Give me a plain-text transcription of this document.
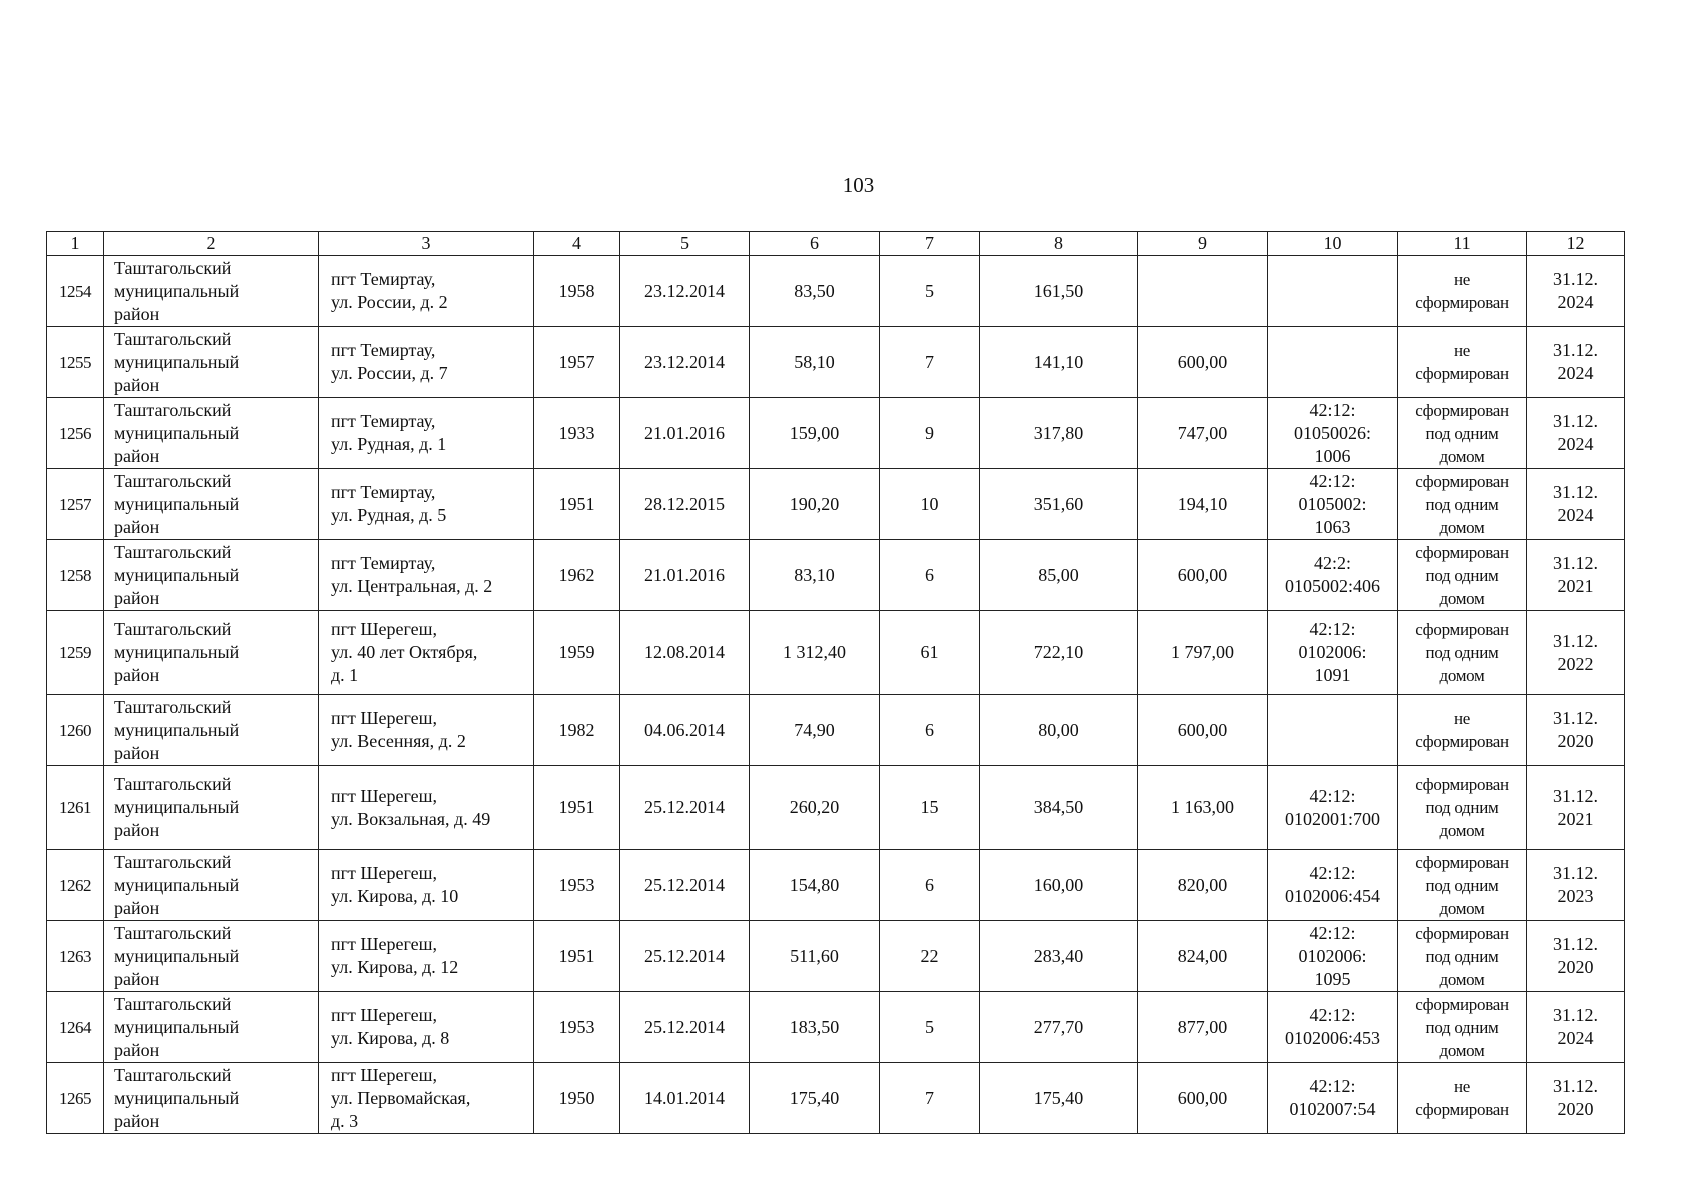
103
1	2	3	4	5	6	7	8	9	10	11	12
1254	Таштагольский
муниципальный
район	пгт Темиртау,
ул. России, д. 2	1958	23.12.2014	83,50	5	161,50			не
сформирован	31.12.
2024
1255	Таштагольский
муниципальный
район	пгт Темиртау,
ул. России, д. 7	1957	23.12.2014	58,10	7	141,10	600,00		не
сформирован	31.12.
2024
1256	Таштагольский
муниципальный
район	пгт Темиртау,
ул. Рудная, д. 1	1933	21.01.2016	159,00	9	317,80	747,00	42:12:
01050026:
1006	сформирован
под одним
домом	31.12.
2024
1257	Таштагольский
муниципальный
район	пгт Темиртау,
ул. Рудная, д. 5	1951	28.12.2015	190,20	10	351,60	194,10	42:12:
0105002:
1063	сформирован
под одним
домом	31.12.
2024
1258	Таштагольский
муниципальный
район	пгт Темиртау,
ул. Центральная, д. 2	1962	21.01.2016	83,10	6	85,00	600,00	42:2:
0105002:406	сформирован
под одним
домом	31.12.
2021
1259	Таштагольский
муниципальный
район	пгт Шерегеш,
ул. 40 лет Октября,
д. 1	1959	12.08.2014	1 312,40	61	722,10	1 797,00	42:12:
0102006:
1091	сформирован
под одним
домом	31.12.
2022
1260	Таштагольский
муниципальный
район	пгт Шерегеш,
ул. Весенняя, д. 2	1982	04.06.2014	74,90	6	80,00	600,00		не
сформирован	31.12.
2020
1261	Таштагольский
муниципальный
район	пгт Шерегеш,
ул. Вокзальная, д. 49	1951	25.12.2014	260,20	15	384,50	1 163,00	42:12:
0102001:700	сформирован
под одним
домом	31.12.
2021
1262	Таштагольский
муниципальный
район	пгт Шерегеш,
ул. Кирова, д. 10	1953	25.12.2014	154,80	6	160,00	820,00	42:12:
0102006:454	сформирован
под одним
домом	31.12.
2023
1263	Таштагольский
муниципальный
район	пгт Шерегеш,
ул. Кирова, д. 12	1951	25.12.2014	511,60	22	283,40	824,00	42:12:
0102006:
1095	сформирован
под одним
домом	31.12.
2020
1264	Таштагольский
муниципальный
район	пгт Шерегеш,
ул. Кирова, д. 8	1953	25.12.2014	183,50	5	277,70	877,00	42:12:
0102006:453	сформирован
под одним
домом	31.12.
2024
1265	Таштагольский
муниципальный
район	пгт Шерегеш,
ул. Первомайская,
д. 3	1950	14.01.2014	175,40	7	175,40	600,00	42:12:
0102007:54	не
сформирован	31.12.
2020
